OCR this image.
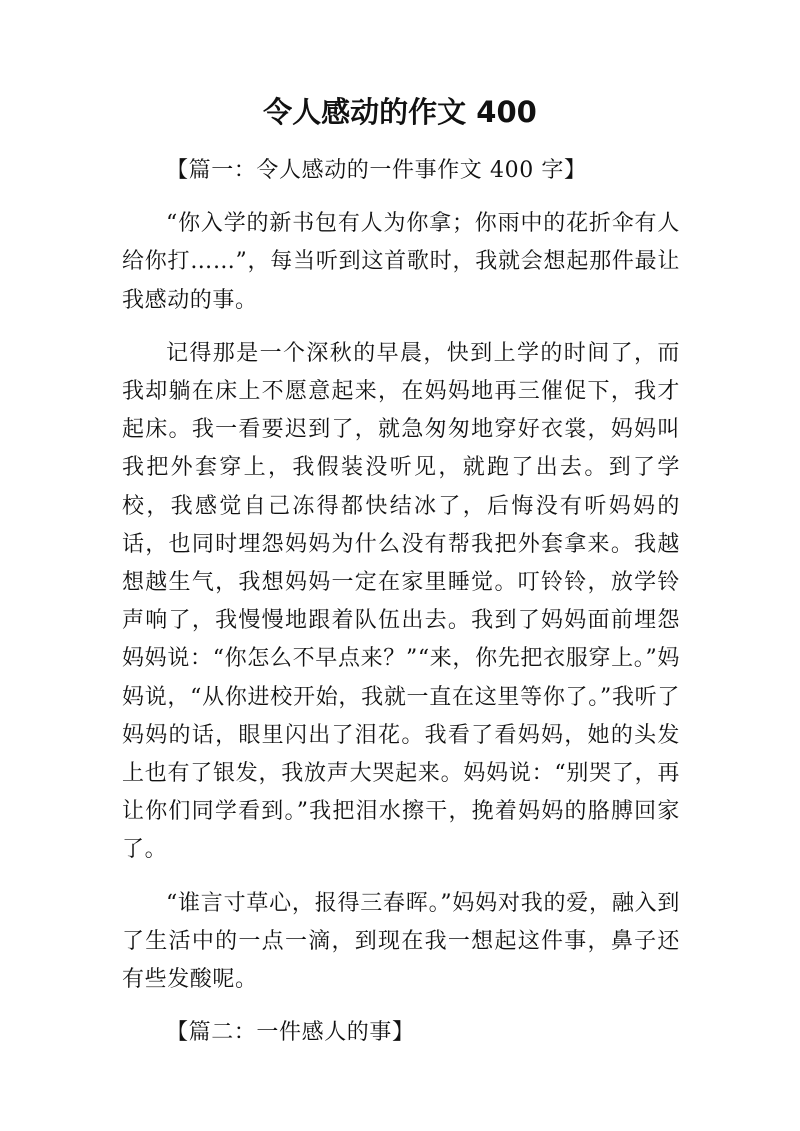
令人感动的作文 400

【篇一：令人感动的一件事作文 400 字】

“你入学的新书包有人为你拿；你雨中的花折伞有人给你打……”，每当听到这首歌时，我就会想起那件最让我感动的事。

记得那是一个深秋的早晨，快到上学的时间了，而我却躺在床上不愿意起来，在妈妈地再三催促下，我才起床。我一看要迟到了，就急匆匆地穿好衣裳，妈妈叫我把外套穿上，我假装没听见，就跑了出去。到了学校，我感觉自己冻得都快结冰了，后悔没有听妈妈的话，也同时埋怨妈妈为什么没有帮我把外套拿来。我越想越生气，我想妈妈一定在家里睡觉。叮铃铃，放学铃声响了，我慢慢地跟着队伍出去。我到了妈妈面前埋怨妈妈说：“你怎么不早点来？”“来，你先把衣服穿上。”妈妈说，“从你进校开始，我就一直在这里等你了。”我听了妈妈的话，眼里闪出了泪花。我看了看妈妈，她的头发上也有了银发，我放声大哭起来。妈妈说：“别哭了，再让你们同学看到。”我把泪水擦干，挽着妈妈的胳膊回家了。

“谁言寸草心，报得三春晖。”妈妈对我的爱，融入到了生活中的一点一滴，到现在我一想起这件事，鼻子还有些发酸呢。

【篇二：一件感人的事】
